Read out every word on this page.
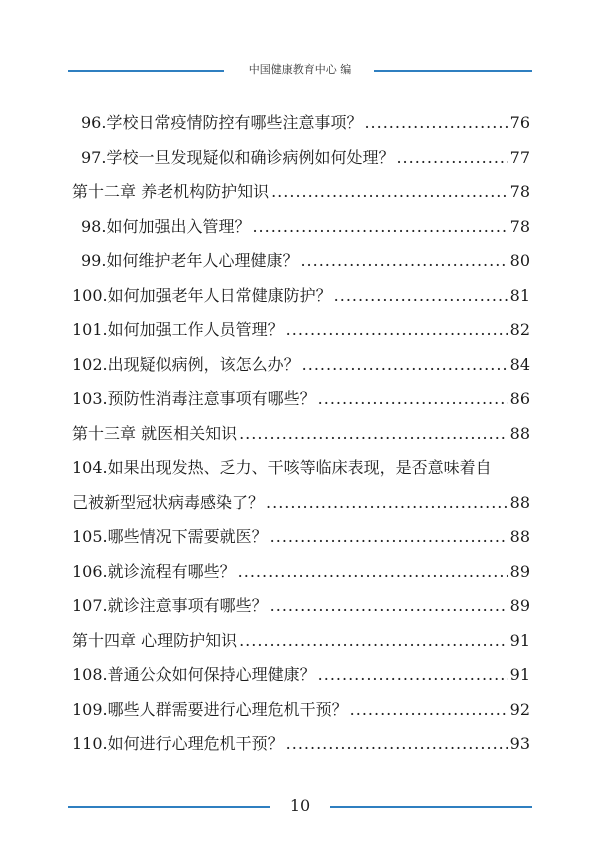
中国健康教育中心 编
96.学校日常疫情防控有哪些注意事项？ .....	76
97.学校一旦发现疑似和确诊病例如何处理？ .....	77
第十二章 养老机构防护知识 .....	78
98.如何加强出入管理？ .....	78
99.如何维护老年人心理健康？ .....	80
100.如何加强老年人日常健康防护？ .....	81
101.如何加强工作人员管理？ .....	82
102.出现疑似病例，该怎么办？ .....	84
103.预防性消毒注意事项有哪些？ .....	86
第十三章 就医相关知识 .....	88
104.如果出现发热、乏力、干咳等临床表现，是否意味着自
己被新型冠状病毒感染了？ .....	88
105.哪些情况下需要就医？ .....	88
106.就诊流程有哪些？ .....	89
107.就诊注意事项有哪些？ .....	89
第十四章 心理防护知识 .....	91
108.普通公众如何保持心理健康？ .....	91
109.哪些人群需要进行心理危机干预？ .....	92
110.如何进行心理危机干预？ .....	93
10
